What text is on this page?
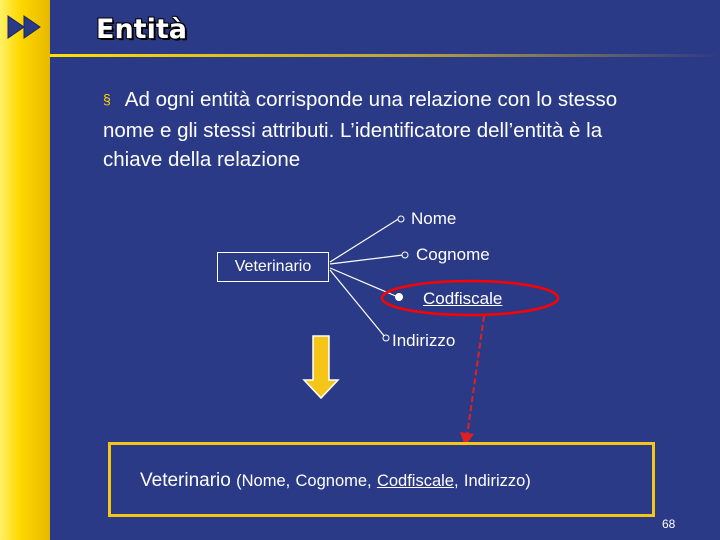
Entità
§ Ad ogni entità corrisponde una relazione con lo stesso nome e gli stessi attributi. L’identificatore dell’entità è la chiave della relazione
Veterinario
Nome
Cognome
Codfiscale
Indirizzo
Veterinario (Nome, Cognome, Codfiscale, Indirizzo)
68
